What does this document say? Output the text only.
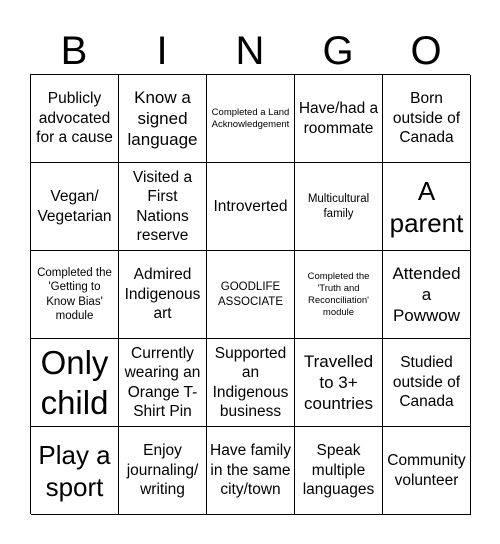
B	I	N	G	O
Publicly advocated for a cause
Know a signed language
Completed a Land Acknowledgement
Have/had a roommate
Born outside of Canada
Vegan/ Vegetarian
Visited a First Nations reserve
Introverted	Multicultural family
A parent
Completed the 'Getting to Know Bias' module
Admired Indigenous art
GOODLIFE ASSOCIATE
Completed the 'Truth and Reconciliation' module
Attended a Powwow
Only child
Currently wearing an Orange T-Shirt Pin
Supported an Indigenous business
Travelled to 3+ countries
Studied outside of Canada
Play a sport
Enjoy journaling/ writing
Have family in the same city/town
Speak multiple languages
Community volunteer
